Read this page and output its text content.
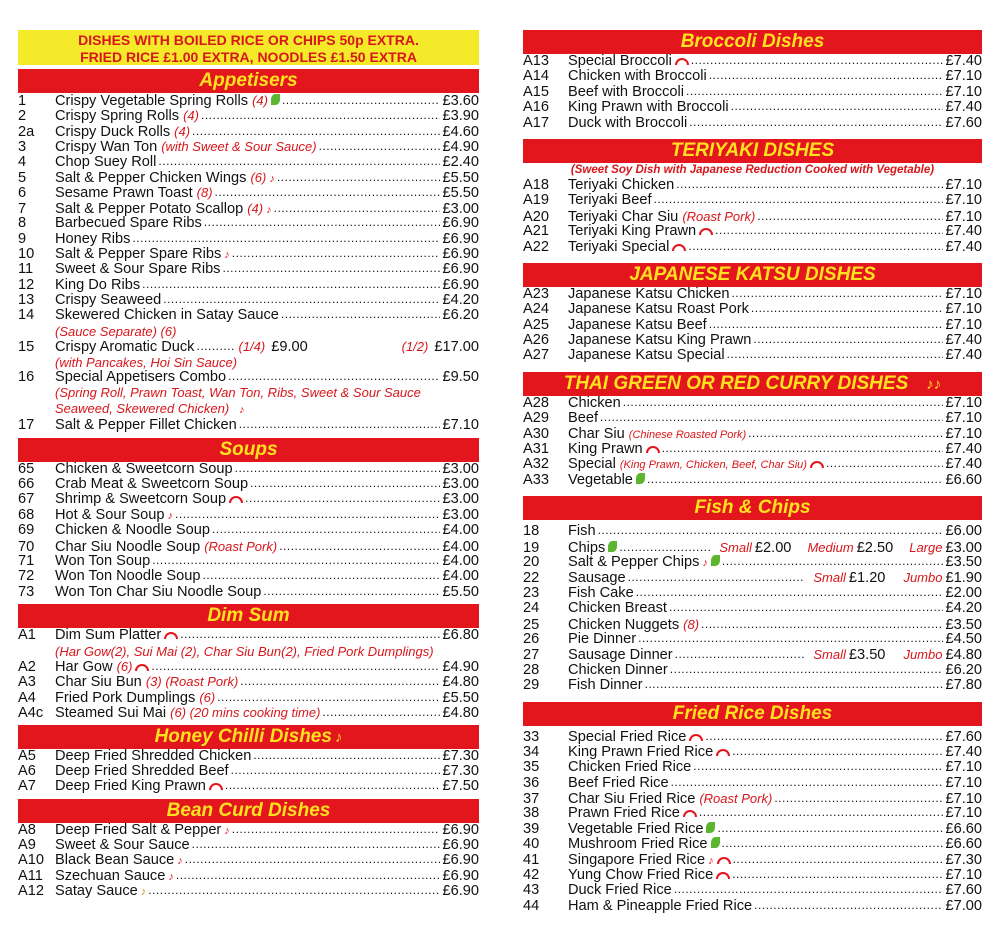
DISHES WITH BOILED RICE OR CHIPS 50p EXTRA.
FRIED RICE £1.00 EXTRA, NOODLES £1.50 EXTRA
Appetisers
1	Crispy Vegetable Spring Rolls (4) .....	£3.60
2	Crispy Spring Rolls (4) .....	£3.90
2a	Crispy Duck Rolls (4) .....	£4.60
3	Crispy Wan Ton (with Sweet & Sour Sauce) .....	£4.90
4	Chop Suey Roll .....	£2.40
5	Salt & Pepper Chicken Wings (6) ♪ .....	£5.50
6	Sesame Prawn Toast (8) .....	£5.50
7	Salt & Pepper Potato Scallop (4) ♪ .....	£3.00
8	Barbecued Spare Ribs .....	£6.90
9	Honey Ribs .....	£6.90
10	Salt & Pepper Spare Ribs ♪ .....	£6.90
11	Sweet & Sour Spare Ribs .....	£6.90
12	King Do Ribs .....	£6.90
13	Crispy Seaweed .....	£4.20
14	Skewered Chicken in Satay Sauce .....	£6.20
(Sauce Separate) (6)
15	Crispy Aromatic Duck .....	(1/4) £9.00	(1/2) £17.00
(with Pancakes, Hoi Sin Sauce)
16	Special Appetisers Combo .....	£9.50
(Spring Roll, Prawn Toast, Wan Ton, Ribs, Sweet & Sour Sauce
Seaweed, Skewered Chicken) ♪
17	Salt & Pepper Fillet Chicken .....	£7.10
Soups
65	Chicken & Sweetcorn Soup .....	£3.00
66	Crab Meat & Sweetcorn Soup .....	£3.00
67	Shrimp & Sweetcorn Soup .....	£3.00
68	Hot & Sour Soup ♪ .....	£3.00
69	Chicken & Noodle Soup .....	£4.00
70	Char Siu Noodle Soup (Roast Pork) .....	£4.00
71	Won Ton Soup .....	£4.00
72	Won Ton Noodle Soup .....	£4.00
73	Won Ton Char Siu Noodle Soup .....	£5.50
Dim Sum
A1	Dim Sum Platter .....	£6.80
(Har Gow(2), Sui Mai (2), Char Siu Bun(2), Fried Pork Dumplings)
A2	Har Gow (6) .....	£4.90
A3	Char Siu Bun (3) (Roast Pork) .....	£4.80
A4	Fried Pork Dumplings (6) .....	£5.50
A4c Steamed Sui Mai (6) (20 mins cooking time) .....	£4.80
Honey Chilli Dishes ♪
A5	Deep Fried Shredded Chicken .....	£7.30
A6	Deep Fried Shredded Beef .....	£7.30
A7	Deep Fried King Prawn .....	£7.50
Bean Curd Dishes
A8	Deep Fried Salt & Pepper ♪ .....	£6.90
A9	Sweet & Sour Sauce .....	£6.90
A10 Black Bean Sauce ♪ .....	£6.90
A11 Szechuan Sauce ♪ .....	£6.90
A12 Satay Sauce ♪ .....	£6.90
Broccoli Dishes
A13	Special Broccoli .....	£7.40
A14	Chicken with Broccoli .....	£7.10
A15	Beef with Broccoli .....	£7.10
A16	King Prawn with Broccoli .....	£7.40
A17	Duck with Broccoli .....	£7.60
TERIYAKI DISHES
(Sweet Soy Dish with Japanese Reduction Cooked with Vegetable)
A18	Teriyaki Chicken .....	£7.10
A19	Teriyaki Beef .....	£7.10
A20	Teriyaki Char Siu (Roast Pork) .....	£7.10
A21	Teriyaki King Prawn .....	£7.40
A22	Teriyaki Special .....	£7.40
JAPANESE KATSU DISHES
A23	Japanese Katsu Chicken .....	£7.10
A24	Japanese Katsu Roast Pork .....	£7.10
A25	Japanese Katsu Beef .....	£7.10
A26	Japanese Katsu King Prawn .....	£7.40
A27	Japanese Katsu Special .....	£7.40
THAI GREEN OR RED CURRY DISHES ♪♪
A28	Chicken .....	£7.10
A29	Beef .....	£7.10
A30	Char Siu (Chinese Roasted Pork) .....	£7.10
A31	King Prawn .....	£7.40
A32	Special (King Prawn, Chicken, Beef, Char Siu) .....	£7.40
A33	Vegetable .....	£6.60
Fish & Chips
18	Fish .....	£6.00
19	Chips .....	Small £2.00 Medium £2.50 Large £3.00
20	Salt & Pepper Chips ♪ .....	£3.50
22	Sausage .....	Small £1.20 Jumbo £1.90
23	Fish Cake .....	£2.00
24	Chicken Breast .....	£4.20
25	Chicken Nuggets (8) .....	£3.50
26	Pie Dinner .....	£4.50
27	Sausage Dinner .....	Small £3.50 Jumbo £4.80
28	Chicken Dinner .....	£6.20
29	Fish Dinner .....	£7.80
Fried Rice Dishes
33	Special Fried Rice .....	£7.60
34	King Prawn Fried Rice .....	£7.40
35	Chicken Fried Rice .....	£7.10
36	Beef Fried Rice .....	£7.10
37	Char Siu Fried Rice (Roast Pork) .....	£7.10
38	Prawn Fried Rice .....	£7.10
39	Vegetable Fried Rice .....	£6.60
40	Mushroom Fried Rice .....	£6.60
41	Singapore Fried Rice ♪ .....	£7.30
42	Yung Chow Fried Rice .....	£7.10
43	Duck Fried Rice .....	£7.60
44	Ham & Pineapple Fried Rice .....	£7.00
